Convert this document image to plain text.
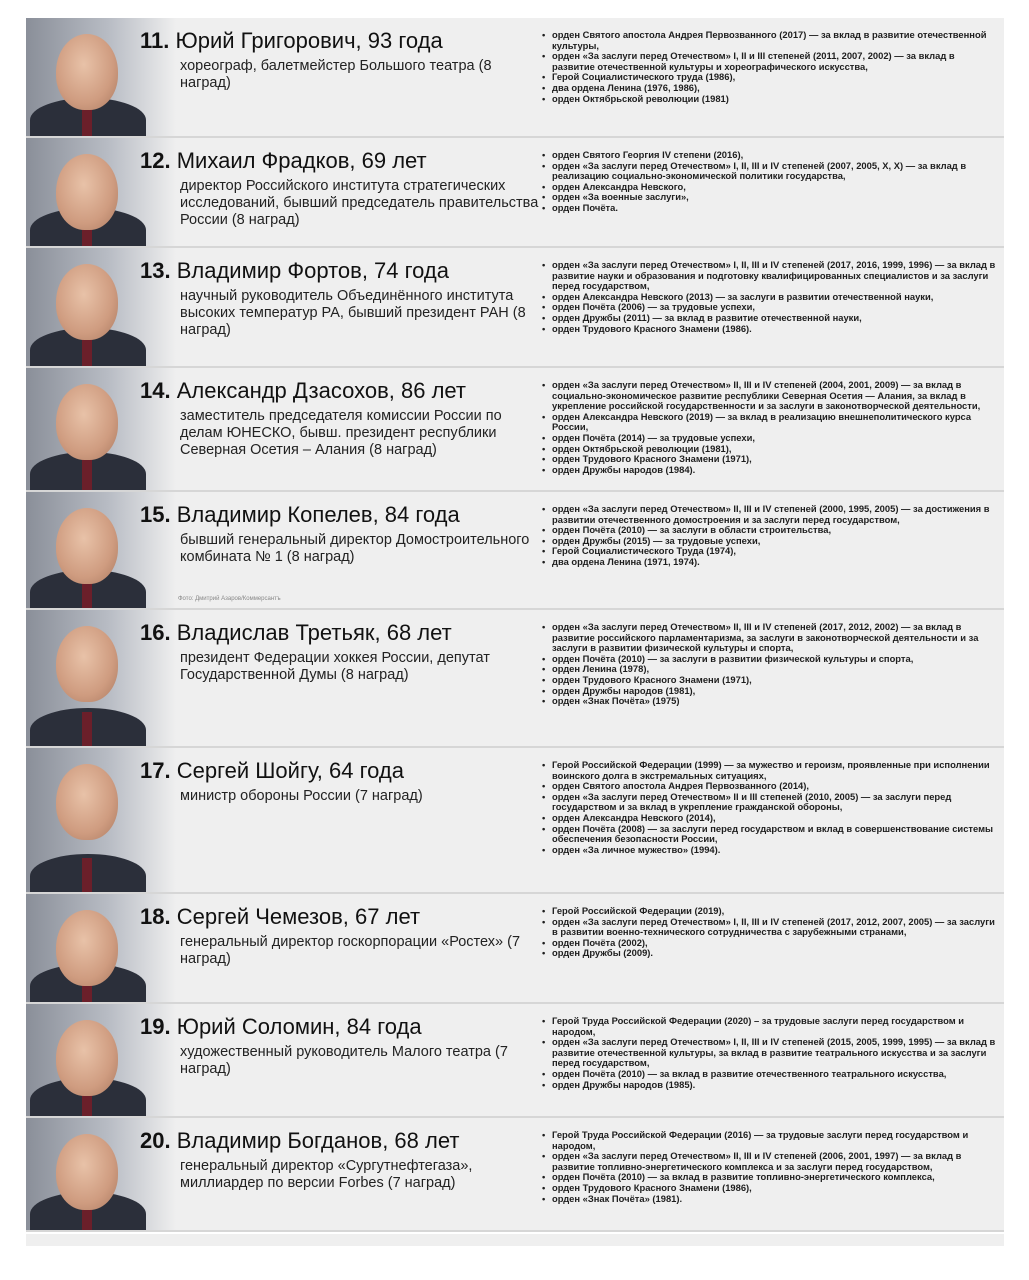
11. Юрий Григорович, 93 года
хореограф, балетмейстер Большого театра (8 наград)
• орден Святого апостола Андрея Первозванного (2017) — за вклад в развитие отечественной культуры,
• орден «За заслуги перед Отечеством» I, II и III степеней (2011, 2007, 2002) — за вклад в развитие отечественной культуры и хореографического искусства,
• Герой Социалистического труда (1986),
• два ордена Ленина (1976, 1986),
• орден Октябрьской революции (1981)
12. Михаил Фрадков, 69 лет
директор Российского института стратегических исследований, бывший председатель правительства России (8 наград)
• орден Святого Георгия IV степени (2016),
• орден «За заслуги перед Отечеством» I, II, III и IV степеней (2007, 2005, Х, Х) — за вклад в реализацию социально-экономической политики государства,
• орден Александра Невского,
• орден «За военные заслуги»,
• орден Почёта.
13. Владимир Фортов, 74 года
научный руководитель Объединённого института высоких температур РА, бывший президент РАН (8 наград)
• орден «За заслуги перед Отечеством» I, II, III и IV степеней (2017, 2016, 1999, 1996) — за вклад в развитие науки и образования и подготовку квалифицированных специалистов и за заслуги перед государством,
• орден Александра Невского (2013) — за заслуги в развитии отечественной науки,
• орден Почёта (2006) — за трудовые успехи,
• орден Дружбы (2011) — за вклад в развитие отечественной науки,
• орден Трудового Красного Знамени (1986).
14. Александр Дзасохов, 86 лет
заместитель председателя комиссии России по делам ЮНЕСКО, бывш. президент республики Северная Осетия – Алания (8 наград)
• орден «За заслуги перед Отечеством» II, III и IV степеней (2004, 2001, 2009) — за вклад в социально-экономическое развитие республики Северная Осетия — Алания, за вклад в укрепление российской государственности и за заслуги в законотворческой деятельности,
• орден Александра Невского (2019) — за вклад в реализацию внешнеполитического курса России,
• орден Почёта (2014) — за трудовые успехи,
• орден Октябрьской революции (1981),
• орден Трудового Красного Знамени (1971),
• орден Дружбы народов (1984).
15. Владимир Копелев, 84 года
бывший генеральный директор Домостроительного комбината № 1 (8 наград)
• орден «За заслуги перед Отечеством» II, III и IV степеней (2000, 1995, 2005) — за достижения в развитии отечественного домостроения и за заслуги перед государством,
• орден Почёта (2010) — за заслуги в области строительства,
• орден Дружбы (2015) — за трудовые успехи,
• Герой Социалистического Труда (1974),
• два ордена Ленина (1971, 1974).
Фото: Дмитрий Азаров/Коммерсантъ
16. Владислав Третьяк, 68 лет
президент Федерации хоккея России, депутат Государственной Думы (8 наград)
• орден «За заслуги перед Отечеством» II, III и IV степеней (2017, 2012, 2002) — за вклад в развитие российского парламентаризма, за заслуги в законотворческой деятельности и за заслуги в развитии физической культуры и спорта,
• орден Почёта (2010) — за заслуги в развитии физической культуры и спорта,
• орден Ленина (1978),
• орден Трудового Красного Знамени (1971),
• орден Дружбы народов (1981),
• орден «Знак Почёта» (1975)
17. Сергей Шойгу, 64 года
министр обороны России (7 наград)
• Герой Российской Федерации (1999) — за мужество и героизм, проявленные при исполнении воинского долга в экстремальных ситуациях,
• орден Святого апостола Андрея Первозванного (2014),
• орден «За заслуги перед Отечеством» II и III степеней (2010, 2005) — за заслуги перед государством и за вклад в укрепление гражданской обороны,
• орден Александра Невского (2014),
• орден Почёта (2008) — за заслуги перед государством и вклад в совершенствование системы обеспечения безопасности России,
• орден «За личное мужество» (1994).
18. Сергей Чемезов, 67 лет
генеральный директор госкорпорации «Ростех» (7 наград)
• Герой Российской Федерации (2019),
• орден «За заслуги перед Отечеством» I, II, III и IV степеней (2017, 2012, 2007, 2005) — за заслуги в развитии военно-технического сотрудничества с зарубежными странами,
• орден Почёта (2002),
• орден Дружбы (2009).
19. Юрий Соломин, 84 года
художественный руководитель Малого театра (7 наград)
• Герой Труда Российской Федерации (2020) – за трудовые заслуги перед государством и народом,
• орден «За заслуги перед Отечеством» I, II, III и IV степеней (2015, 2005, 1999, 1995) — за вклад в развитие отечественной культуры, за вклад в развитие театрального искусства и за заслуги перед государством,
• орден Почёта (2010) — за вклад в развитие отечественного театрального искусства,
• орден Дружбы народов (1985).
20. Владимир Богданов, 68 лет
генеральный директор «Сургутнефтегаза», миллиардер по версии Forbes (7 наград)
• Герой Труда Российской Федерации (2016) — за трудовые заслуги перед государством и народом,
• орден «За заслуги перед Отечеством» II, III и IV степеней (2006, 2001, 1997) — за вклад в развитие топливно-энергетического комплекса и за заслуги перед государством,
• орден Почёта (2010) — за вклад в развитие топливно-энергетического комплекса,
• орден Трудового Красного Знамени (1986),
• орден «Знак Почёта» (1981).
